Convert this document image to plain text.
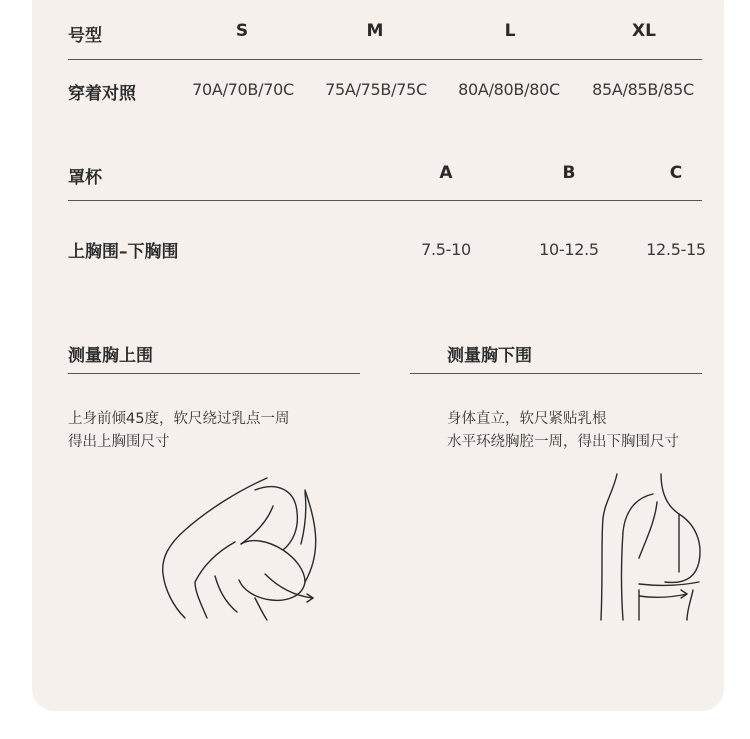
号型	S	M	L	XL
穿着对照	70A/70B/70C	75A/75B/75C	80A/80B/80C	85A/85B/85C
罩杯	A	B	C
上胸围–下胸围	7.5-10	10-12.5	12.5-15
测量胸上围	测量胸下围
上身前倾45度，软尺绕过乳点一周
得出上胸围尺寸
身体直立，软尺紧贴乳根
水平环绕胸腔一周，得出下胸围尺寸
